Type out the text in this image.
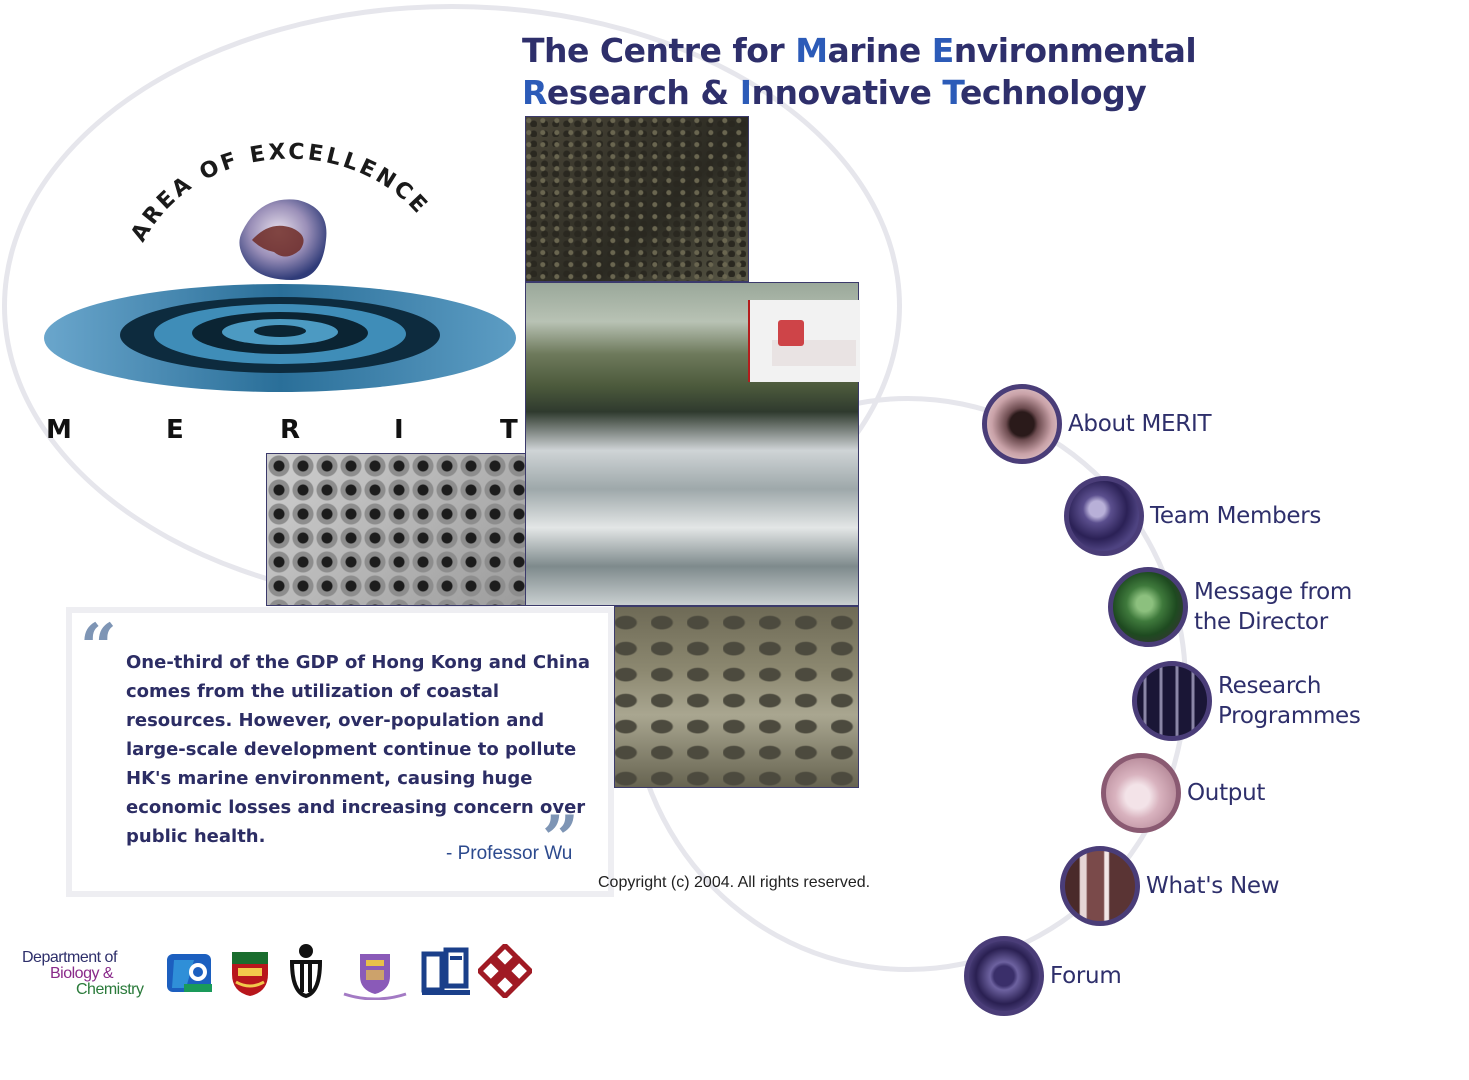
The Centre for Marine Environmental
Research & Innovative Technology
AREA OF EXCELLENCE
M	E	R	I	T
“ One-third of the GDP of Hong Kong and China comes from the utilization of coastal resources. However, over-population and large-scale development continue to pollute HK's marine environment, causing huge economic losses and increasing concern over public health.	”
- Professor Wu
Copyright (c) 2004. All rights reserved.
About MERIT
Team Members
Message from the Director
Research Programmes
Output
What's New
Forum
Department of
Biology &
Chemistry
